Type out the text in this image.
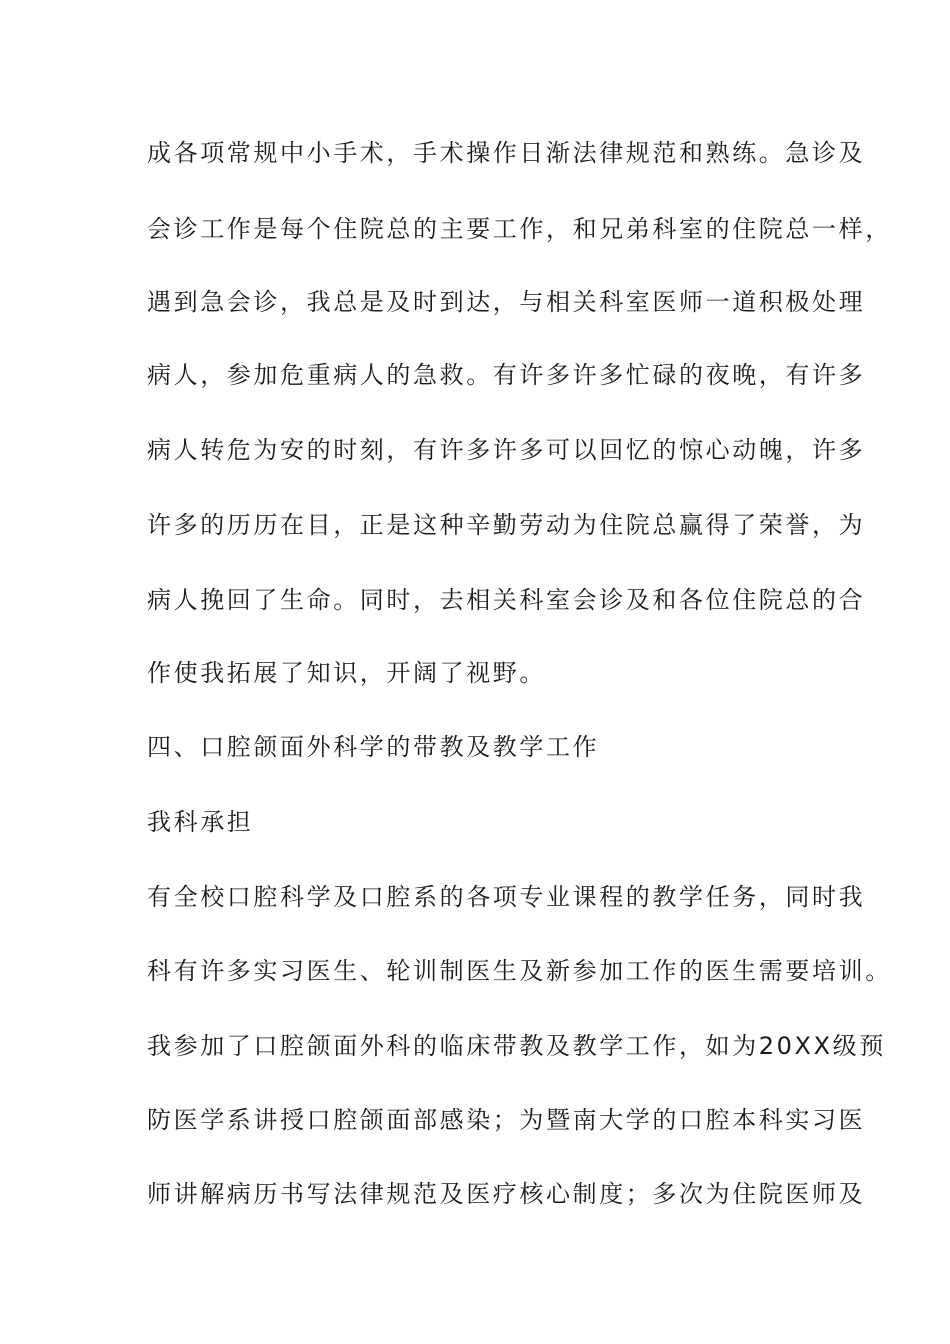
成各项常规中小手术，手术操作日渐法律规范和熟练。急诊及
会诊工作是每个住院总的主要工作，和兄弟科室的住院总一样，
遇到急会诊，我总是及时到达，与相关科室医师一道积极处理
病人，参加危重病人的急救。有许多许多忙碌的夜晚，有许多
病人转危为安的时刻，有许多许多可以回忆的惊心动魄，许多
许多的历历在目，正是这种辛勤劳动为住院总赢得了荣誉，为
病人挽回了生命。同时，去相关科室会诊及和各位住院总的合
作使我拓展了知识，开阔了视野。
四、口腔颌面外科学的带教及教学工作
我科承担
有全校口腔科学及口腔系的各项专业课程的教学任务，同时我
科有许多实习医生、轮训制医生及新参加工作的医生需要培训。
我参加了口腔颌面外科的临床带教及教学工作，如为20XX级预
防医学系讲授口腔颌面部感染；为暨南大学的口腔本科实习医
师讲解病历书写法律规范及医疗核心制度；多次为住院医师及
